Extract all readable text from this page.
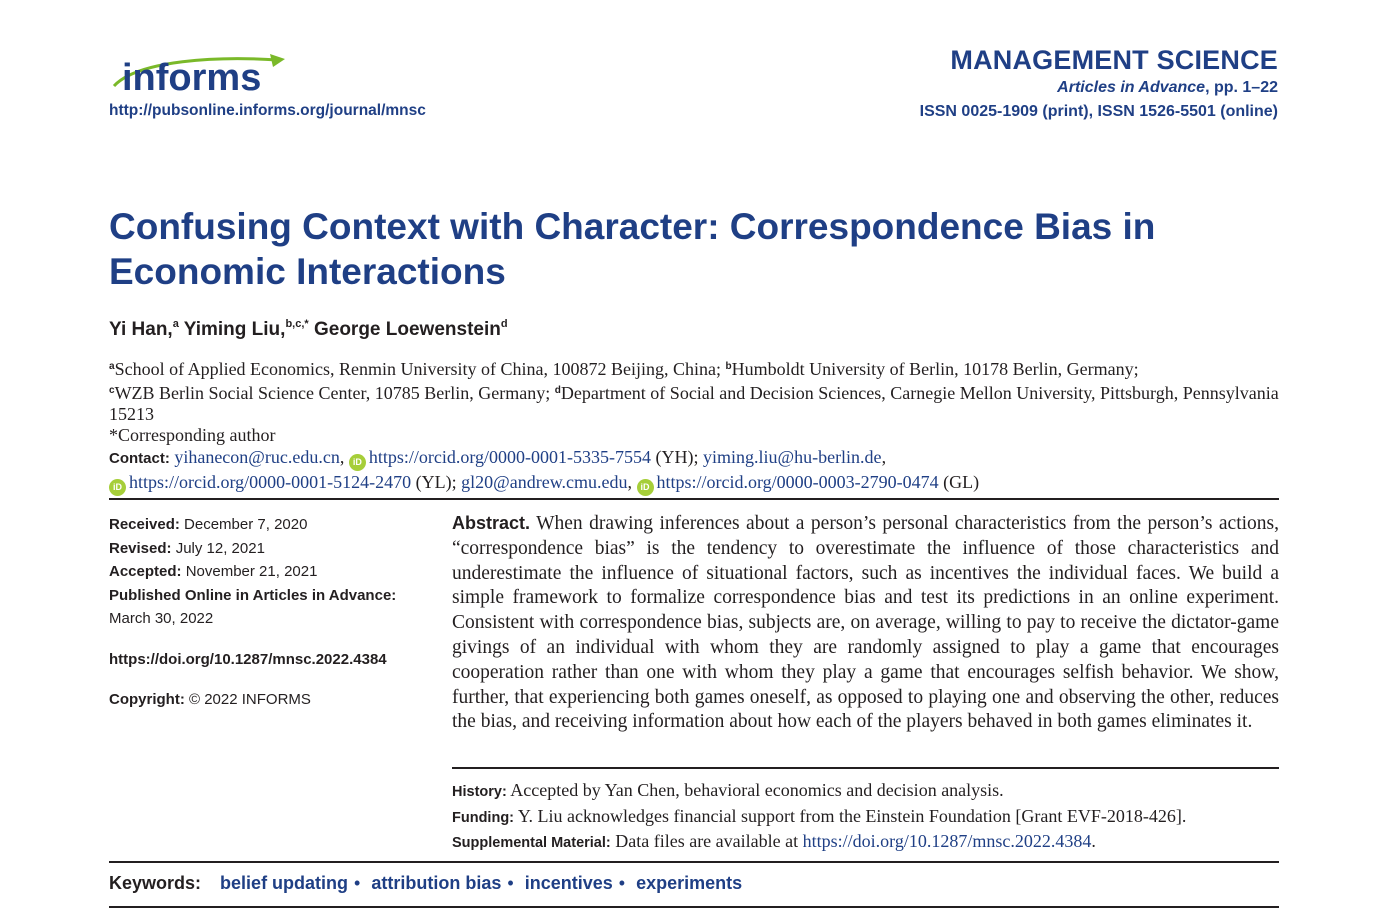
informs
http://pubsonline.informs.org/journal/mnsc
MANAGEMENT SCIENCE
Articles in Advance, pp. 1–22
ISSN 0025-1909 (print), ISSN 1526-5501 (online)
Confusing Context with Character: Correspondence Bias in Economic Interactions
Yi Han,$^a$ Yiming Liu,$^{b,c,*}$ George Loewenstein$^d$
$^a$School of Applied Economics, Renmin University of China, 100872 Beijing, China; $^b$Humboldt University of Berlin, 10178 Berlin, Germany;
$^c$WZB Berlin Social Science Center, 10785 Berlin, Germany; $^d$Department of Social and Decision Sciences, Carnegie Mellon University, Pittsburgh, Pennsylvania 15213
*Corresponding author
Contact: yihanecon@ruc.edu.cn, iD https://orcid.org/0000-0001-5335-7554 (YH); yiming.liu@hu-berlin.de,
iD https://orcid.org/0000-0001-5124-2470 (YL); gl20@andrew.cmu.edu, iD https://orcid.org/0000-0003-2790-0474 (GL)
Received: December 7, 2020
Revised: July 12, 2021
Accepted: November 21, 2021
Published Online in Articles in Advance:
March 30, 2022
https://doi.org/10.1287/mnsc.2022.4384
Copyright: © 2022 INFORMS
Abstract. When drawing inferences about a person’s personal characteristics from the person’s actions, “correspondence bias” is the tendency to overestimate the influence of those characteristics and underestimate the influence of situational factors, such as incentives the individual faces. We build a simple framework to formalize correspondence bias and test its predictions in an online experiment. Consistent with correspondence bias, subjects are, on average, willing to pay to receive the dictator-game givings of an individual with whom they are randomly assigned to play a game that encourages cooperation rather than one with whom they play a game that encourages selfish behavior. We show, further, that experiencing both games oneself, as opposed to playing one and observing the other, reduces the bias, and receiving information about how each of the players behaved in both games eliminates it.
History: Accepted by Yan Chen, behavioral economics and decision analysis.
Funding: Y. Liu acknowledges financial support from the Einstein Foundation [Grant EVF-2018-426].
Supplemental Material: Data files are available at https://doi.org/10.1287/mnsc.2022.4384.
Keywords: belief updating • attribution bias • incentives • experiments
